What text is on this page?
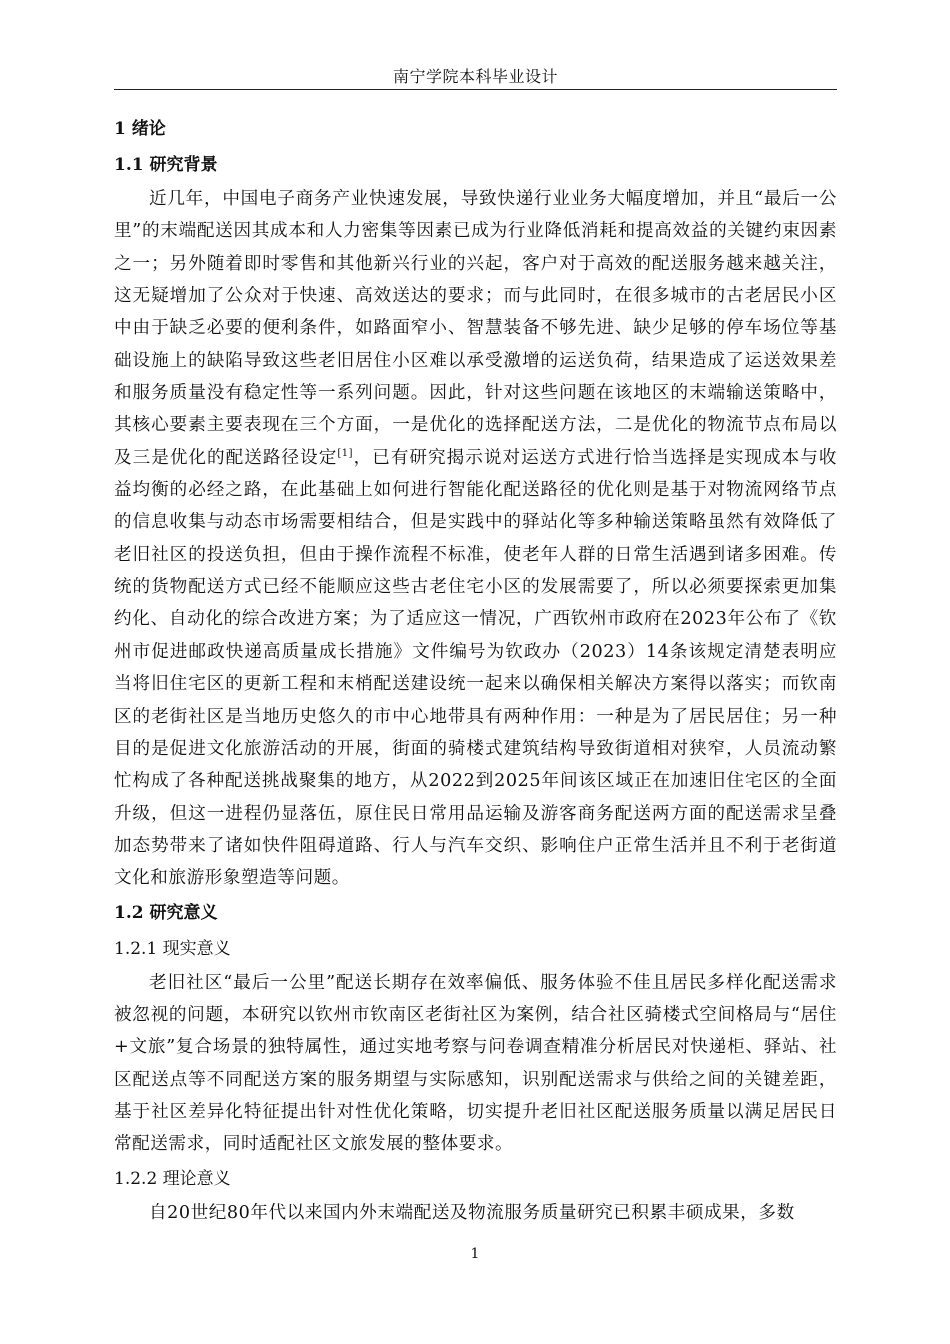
南宁学院本科毕业设计
1 绪论
1.1 研究背景

近几年，中国电子商务产业快速发展，导致快递行业业务大幅度增加，并且“最后一公里”的末端配送因其成本和人力密集等因素已成为行业降低消耗和提高效益的关键约束因素之一；另外随着即时零售和其他新兴行业的兴起，客户对于高效的配送服务越来越关注，这无疑增加了公众对于快速、高效送达的要求；而与此同时，在很多城市的古老居民小区中由于缺乏必要的便利条件，如路面窄小、智慧装备不够先进、缺少足够的停车场位等基础设施上的缺陷导致这些老旧居住小区难以承受激增的运送负荷，结果造成了运送效果差和服务质量没有稳定性等一系列问题。因此，针对这些问题在该地区的末端输送策略中，其核心要素主要表现在三个方面，一是优化的选择配送方法，二是优化的物流节点布局以及三是优化的配送路径设定[1]，已有研究揭示说对运送方式进行恰当选择是实现成本与收益均衡的必经之路，在此基础上如何进行智能化配送路径的优化则是基于对物流网络节点的信息收集与动态市场需要相结合，但是实践中的驿站化等多种输送策略虽然有效降低了老旧社区的投送负担，但由于操作流程不标准，使老年人群的日常生活遇到诸多困难。传统的货物配送方式已经不能顺应这些古老住宅小区的发展需要了，所以必须要探索更加集约化、自动化的综合改进方案；为了适应这一情况，广西钦州市政府在2023年公布了《钦州市促进邮政快递高质量成长措施》文件编号为钦政办（2023）14条该规定清楚表明应当将旧住宅区的更新工程和末梢配送建设统一起来以确保相关解决方案得以落实；而钦南区的老街社区是当地历史悠久的市中心地带具有两种作用：一种是为了居民居住；另一种目的是促进文化旅游活动的开展，街面的骑楼式建筑结构导致街道相对狭窄，人员流动繁忙构成了各种配送挑战聚集的地方，从2022到2025年间该区域正在加速旧住宅区的全面升级，但这一进程仍显落伍，原住民日常用品运输及游客商务配送两方面的配送需求呈叠加态势带来了诸如快件阻碍道路、行人与汽车交织、影响住户正常生活并且不利于老街道文化和旅游形象塑造等问题。

1.2 研究意义
1.2.1 现实意义

老旧社区“最后一公里”配送长期存在效率偏低、服务体验不佳且居民多样化配送需求被忽视的问题，本研究以钦州市钦南区老街社区为案例，结合社区骑楼式空间格局与“居住+文旅”复合场景的独特属性，通过实地考察与问卷调查精准分析居民对快递柜、驿站、社区配送点等不同配送方案的服务期望与实际感知，识别配送需求与供给之间的关键差距，基于社区差异化特征提出针对性优化策略，切实提升老旧社区配送服务质量以满足居民日常配送需求，同时适配社区文旅发展的整体要求。

1.2.2 理论意义

自20世纪80年代以来国内外末端配送及物流服务质量研究已积累丰硕成果，多数

1
